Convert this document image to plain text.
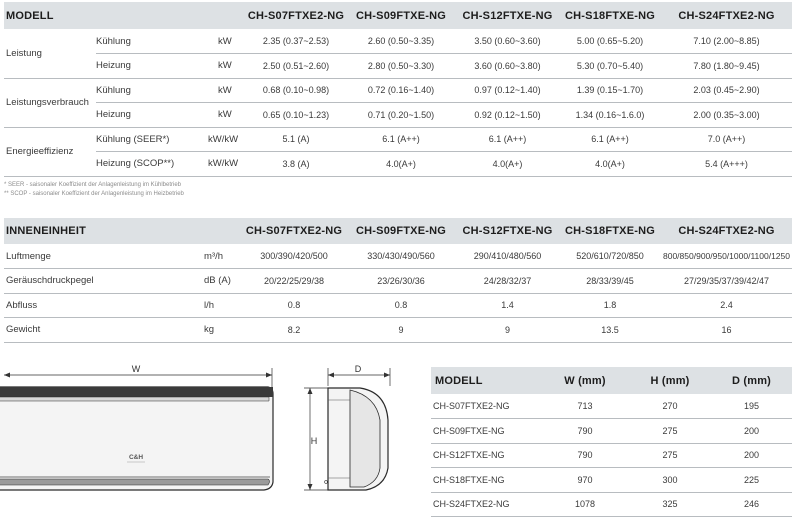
MODELL			CH-S07FTXE2-NG	CH-S09FTXE-NG	CH-S12FTXE-NG	CH-S18FTXE-NG	CH-S24FTXE2-NG
Leistung	Kühlung	kW	2.35 (0.37~2.53)	2.60 (0.50~3.35)	3.50 (0.60~3.60)	5.00 (0.65~5.20)	7.10 (2.00~8.85)
	Heizung	kW	2.50 (0.51~2.60)	2.80 (0.50~3.30)	3.60 (0.60~3.80)	5.30 (0.70~5.40)	7.80 (1.80~9.45)
Leistungsverbrauch	Kühlung	kW	0.68 (0.10~0.98)	0.72 (0.16~1.40)	0.97 (0.12~1.40)	1.39 (0.15~1.70)	2.03 (0.45~2.90)
	Heizung	kW	0.65 (0.10~1.23)	0.71 (0.20~1.50)	0.92 (0.12~1.50)	1.34 (0.16~1.6.0)	2.00 (0.35~3.00)
Energieeffizienz	Kühlung (SEER*)	kW/kW	5.1 (A)	6.1 (A++)	6.1 (A++)	6.1 (A++)	7.0 (A++)
	Heizung (SCOP**)	kW/kW	3.8 (A)	4.0(A+)	4.0(A+)	4.0(A+)	5.4 (A+++)
* SEER - saisonaler Koeffizient der Anlagenleistung im Kühlbetrieb
** SCOP - saisonaler Koeffizient der Anlagenleistung im Heizbetrieb
INNENEINHEIT		CH-S07FTXE2-NG	CH-S09FTXE-NG	CH-S12FTXE-NG	CH-S18FTXE-NG	CH-S24FTXE2-NG
Luftmenge	m³/h	300/390/420/500	330/430/490/560	290/410/480/560	520/610/720/850	800/850/900/950/1000/1100/1250
Geräuschdruckpegel	dB (A)	20/22/25/29/38	23/26/30/36	24/28/32/37	28/33/39/45	27/29/35/37/39/42/47
Abfluss	l/h	0.8	0.8	1.4	1.8	2.4
Gewicht	kg	8.2	9	9	13.5	16
W
C&H
D
H
MODELL	W (mm)	H (mm)	D (mm)
CH-S07FTXE2-NG	713	270	195
CH-S09FTXE-NG	790	275	200
CH-S12FTXE-NG	790	275	200
CH-S18FTXE-NG	970	300	225
CH-S24FTXE2-NG	1078	325	246
